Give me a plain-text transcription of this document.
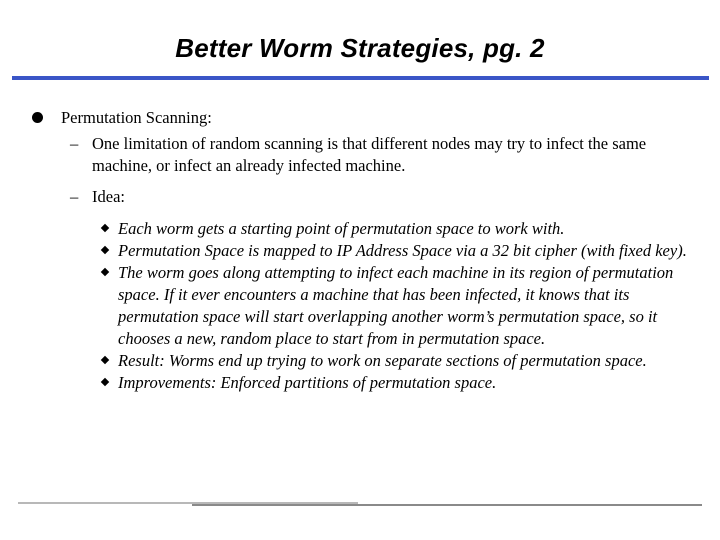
Better Worm Strategies, pg. 2
Permutation Scanning:
– One limitation of random scanning is that different nodes may try to infect the same machine, or infect an already infected machine.
– Idea:
Each worm gets a starting point of permutation space to work with.
Permutation Space is mapped to IP Address Space via a 32 bit cipher (with fixed key).
The worm goes along attempting to infect each machine in its region of permutation space. If it ever encounters a machine that has been infected, it knows that its permutation space will start overlapping another worm’s permutation space, so it chooses a new, random place to start from in permutation space.
Result: Worms end up trying to work on separate sections of permutation space.
Improvements: Enforced partitions of permutation space.
